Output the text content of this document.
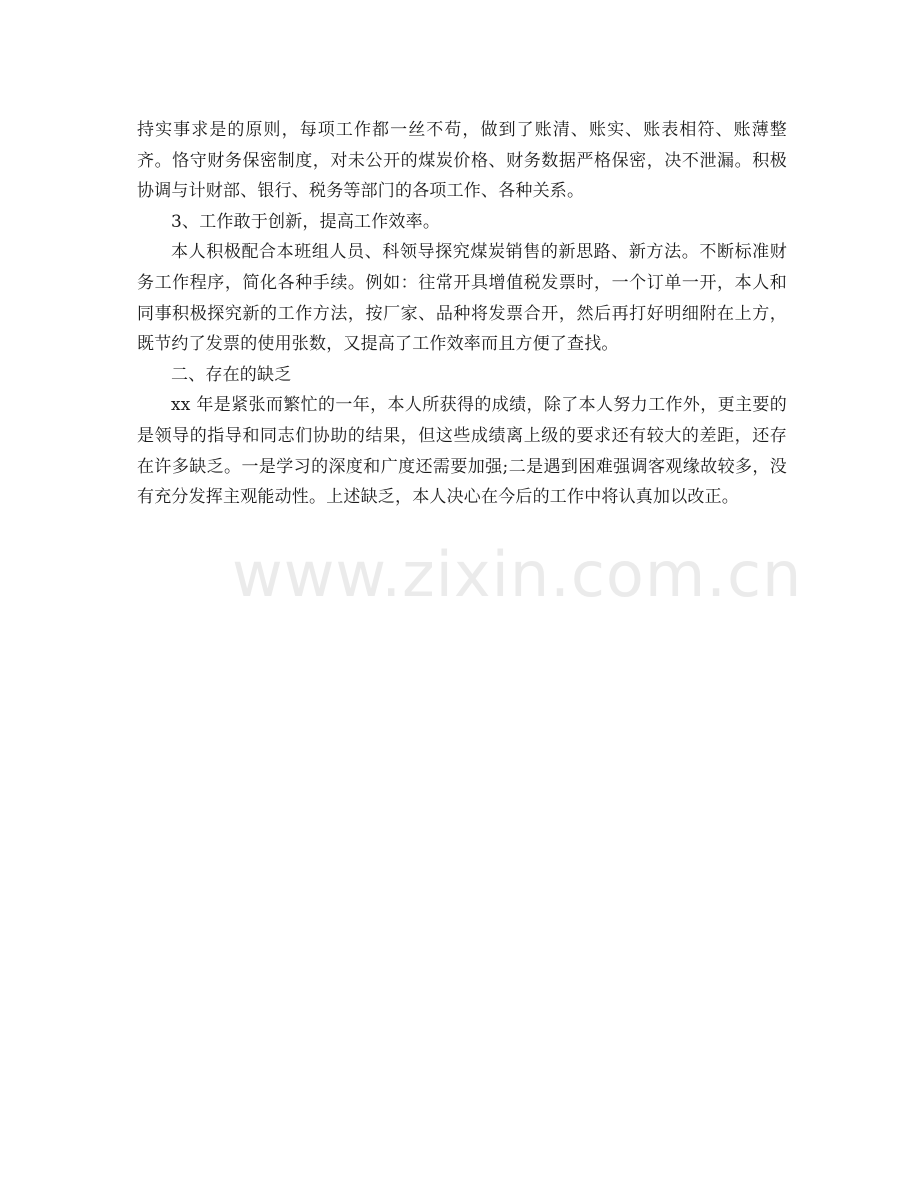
持实事求是的原则，每项工作都一丝不苟，做到了账清、账实、账表相符、账薄整齐。恪守财务保密制度，对未公开的煤炭价格、财务数据严格保密，决不泄漏。积极协调与计财部、银行、税务等部门的各项工作、各种关系。

3、工作敢于创新，提高工作效率。

本人积极配合本班组人员、科领导探究煤炭销售的新思路、新方法。不断标准财务工作程序，简化各种手续。例如：往常开具增值税发票时，一个订单一开，本人和同事积极探究新的工作方法，按厂家、品种将发票合开，然后再打好明细附在上方，既节约了发票的使用张数，又提高了工作效率而且方便了查找。

二、存在的缺乏

xx 年是紧张而繁忙的一年，本人所获得的成绩，除了本人努力工作外，更主要的是领导的指导和同志们协助的结果，但这些成绩离上级的要求还有较大的差距，还存在许多缺乏。一是学习的深度和广度还需要加强;二是遇到困难强调客观缘故较多，没有充分发挥主观能动性。上述缺乏，本人决心在今后的工作中将认真加以改正。

www.zixin.com.cn
